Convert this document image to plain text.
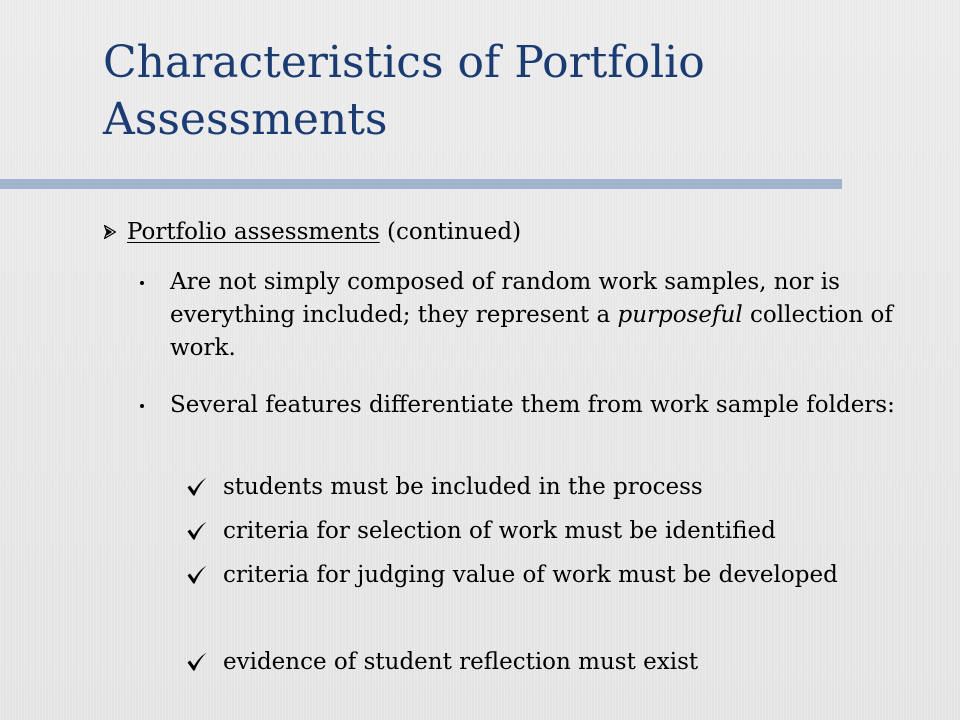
Characteristics of Portfolio Assessments
Portfolio assessments (continued)
Are not simply composed of random work samples, nor is everything included; they represent a purposeful collection of work.
Several features differentiate them from work sample folders:
students must be included in the process
criteria for selection of work must be identified
criteria for judging value of work must be developed
evidence of student reflection must exist
